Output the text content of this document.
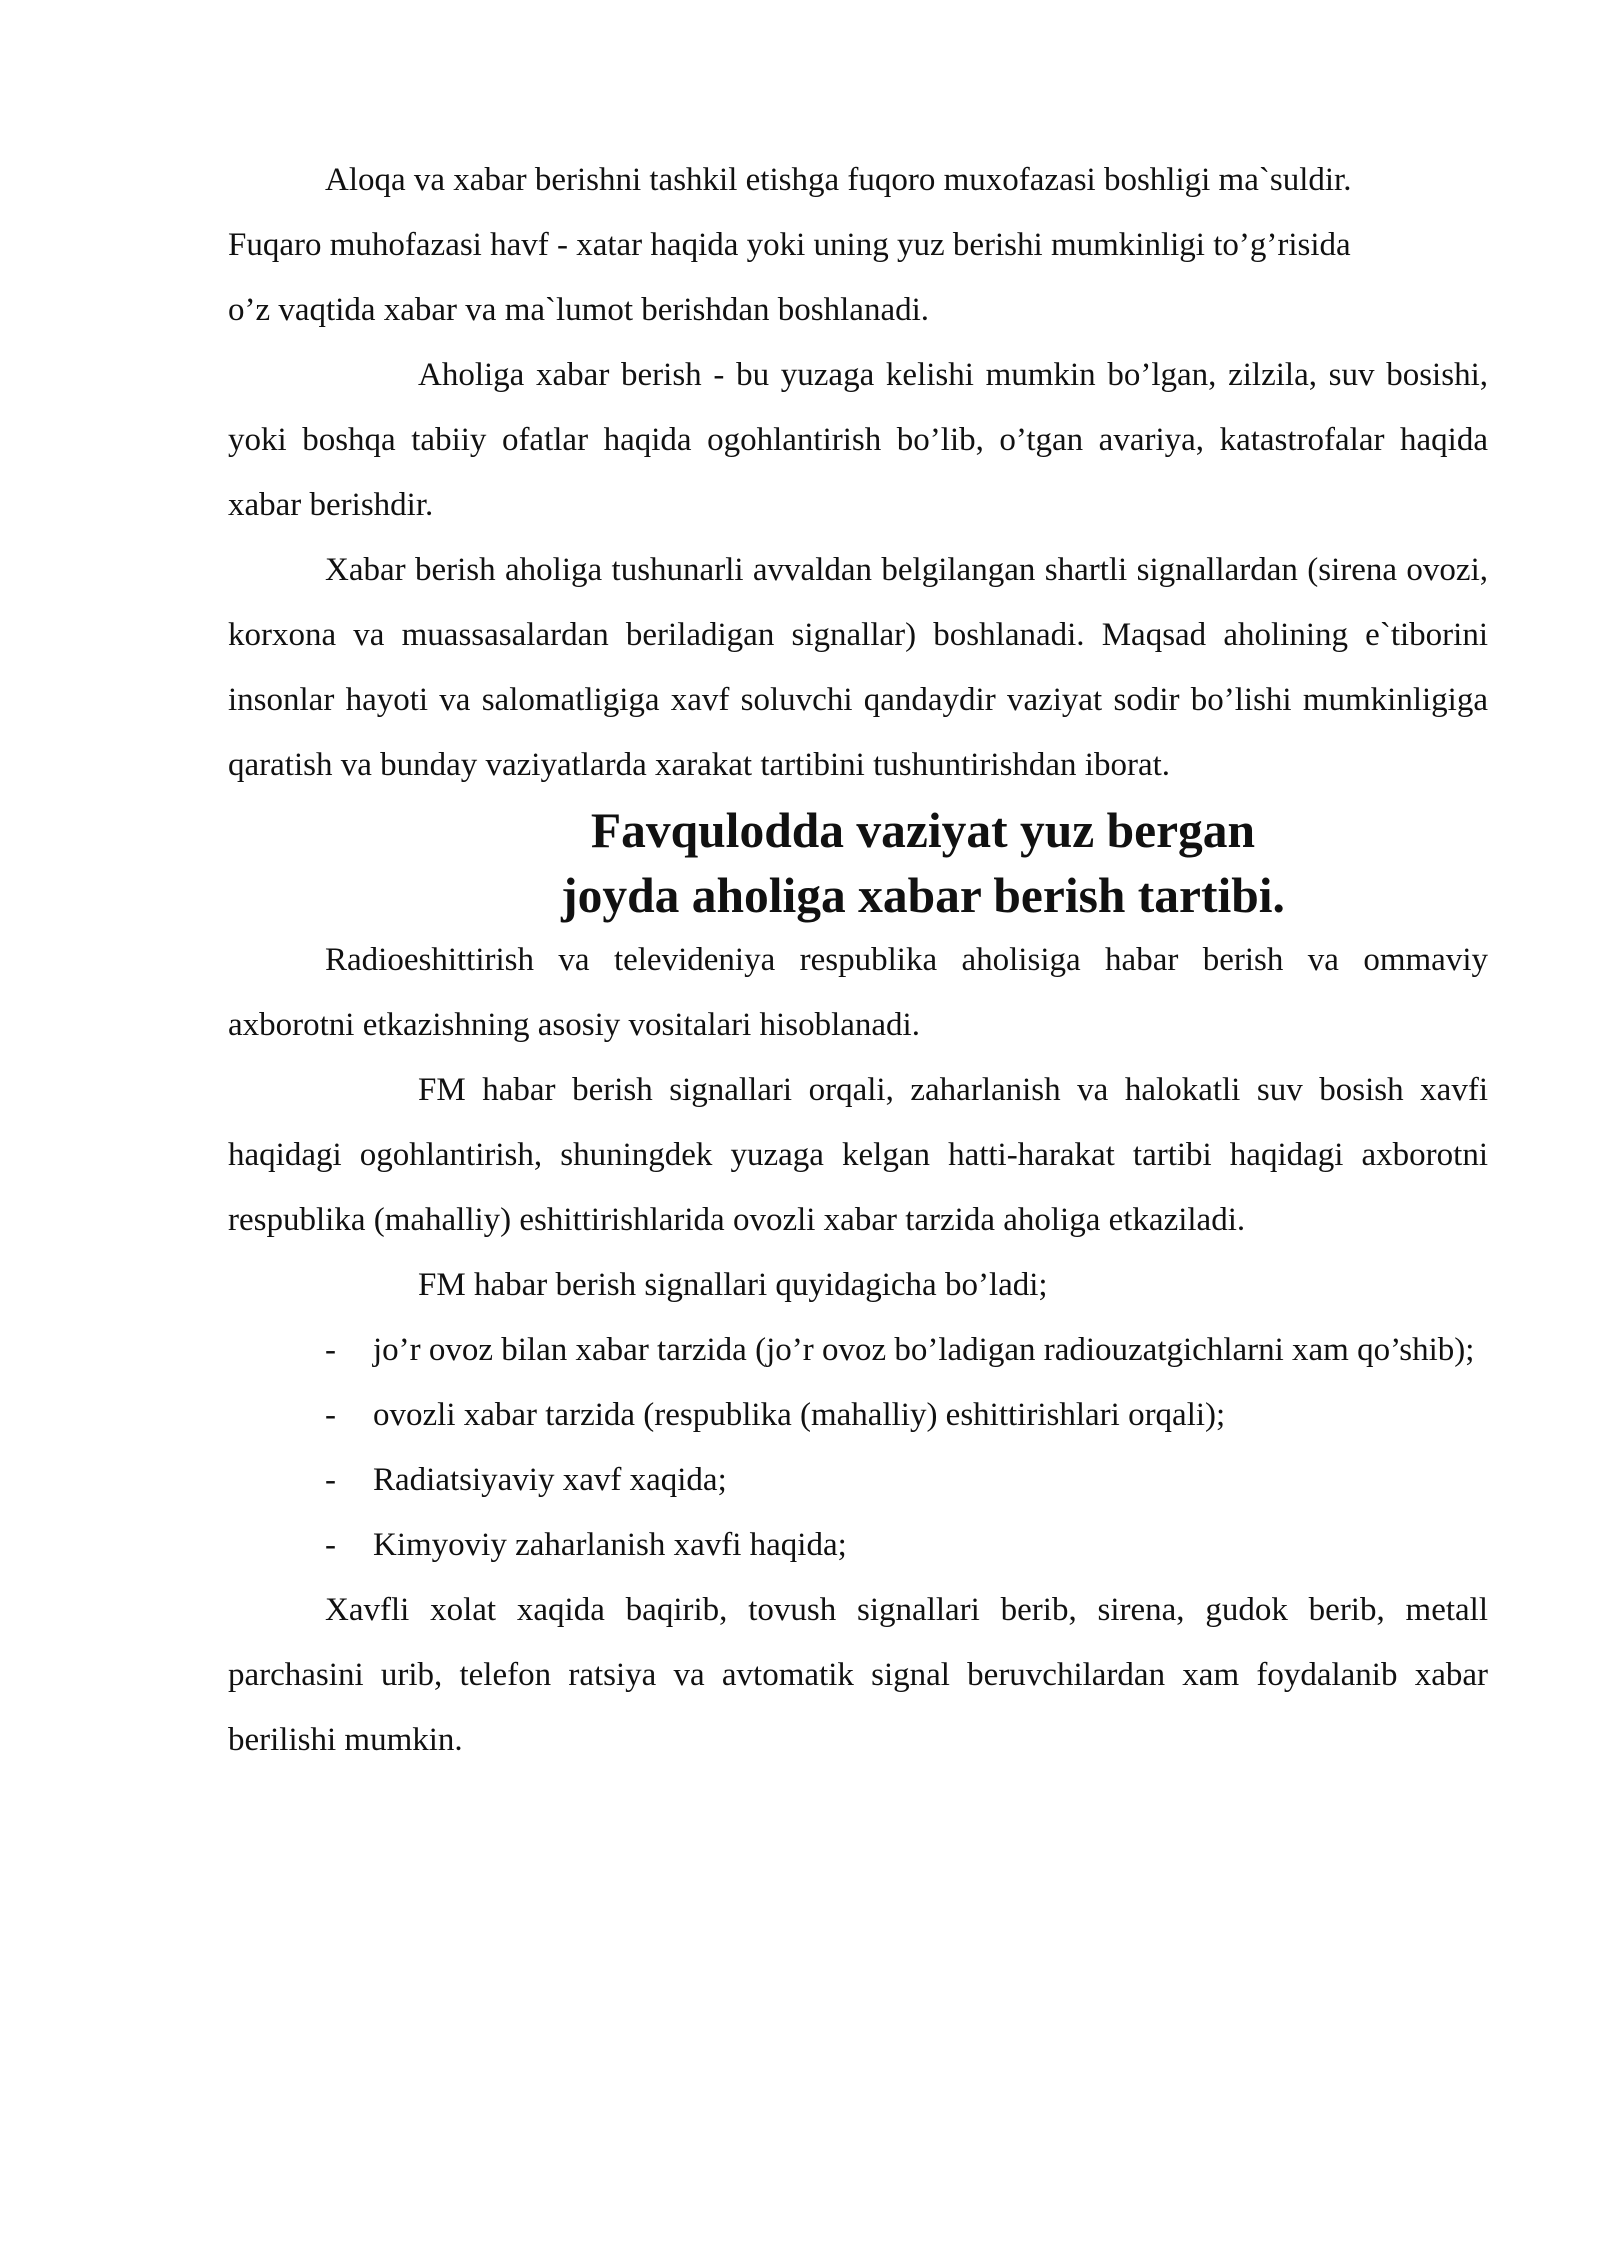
Aloqa va xabar berishni tashkil etishga fuqoro muxofazasi boshligi ma`suldir. Fuqaro muhofazasi havf - xatar haqida yoki uning yuz berishi mumkinligi to’g’risida o’z vaqtida xabar va ma`lumot berishdan boshlanadi.

Aholiga xabar berish - bu yuzaga kelishi mumkin bo’lgan, zilzila, suv bosishi, yoki boshqa tabiiy ofatlar haqida ogohlantirish bo’lib, o’tgan avariya, katastrofalar haqida xabar berishdir.

Xabar berish aholiga tushunarli avvaldan belgilangan shartli signallardan (sirena ovozi, korxona va muassasalardan beriladigan signallar) boshlanadi. Maqsad aholining e`tiborini insonlar hayoti va salomatligiga xavf soluvchi qandaydir vaziyat sodir bo’lishi mumkinligiga qaratish va bunday vaziyatlarda xarakat tartibini tushuntirishdan iborat.

Favqulodda vaziyat yuz bergan
joyda aholiga xabar berish tartibi.

Radioeshittirish va televideniya respublika aholisiga habar berish va ommaviy axborotni etkazishning asosiy vositalari hisoblanadi.

FM habar berish signallari orqali, zaharlanish va halokatli suv bosish xavfi haqidagi ogohlantirish, shuningdek yuzaga kelgan hatti-harakat tartibi haqidagi axborotni respublika (mahalliy) eshittirishlarida ovozli xabar tarzida aholiga etkaziladi.

FM habar berish signallari quyidagicha bo’ladi;

- jo’r ovoz bilan xabar tarzida (jo’r ovoz bo’ladigan radiouzatgichlarni xam qo’shib);
- ovozli xabar tarzida (respublika (mahalliy) eshittirishlari orqali);
- Radiatsiyaviy xavf xaqida;
- Kimyoviy zaharlanish xavfi haqida;

Xavfli xolat xaqida baqirib, tovush signallari berib, sirena, gudok berib, metall parchasini urib, telefon ratsiya va avtomatik signal beruvchilardan xam foydalanib xabar berilishi mumkin.
